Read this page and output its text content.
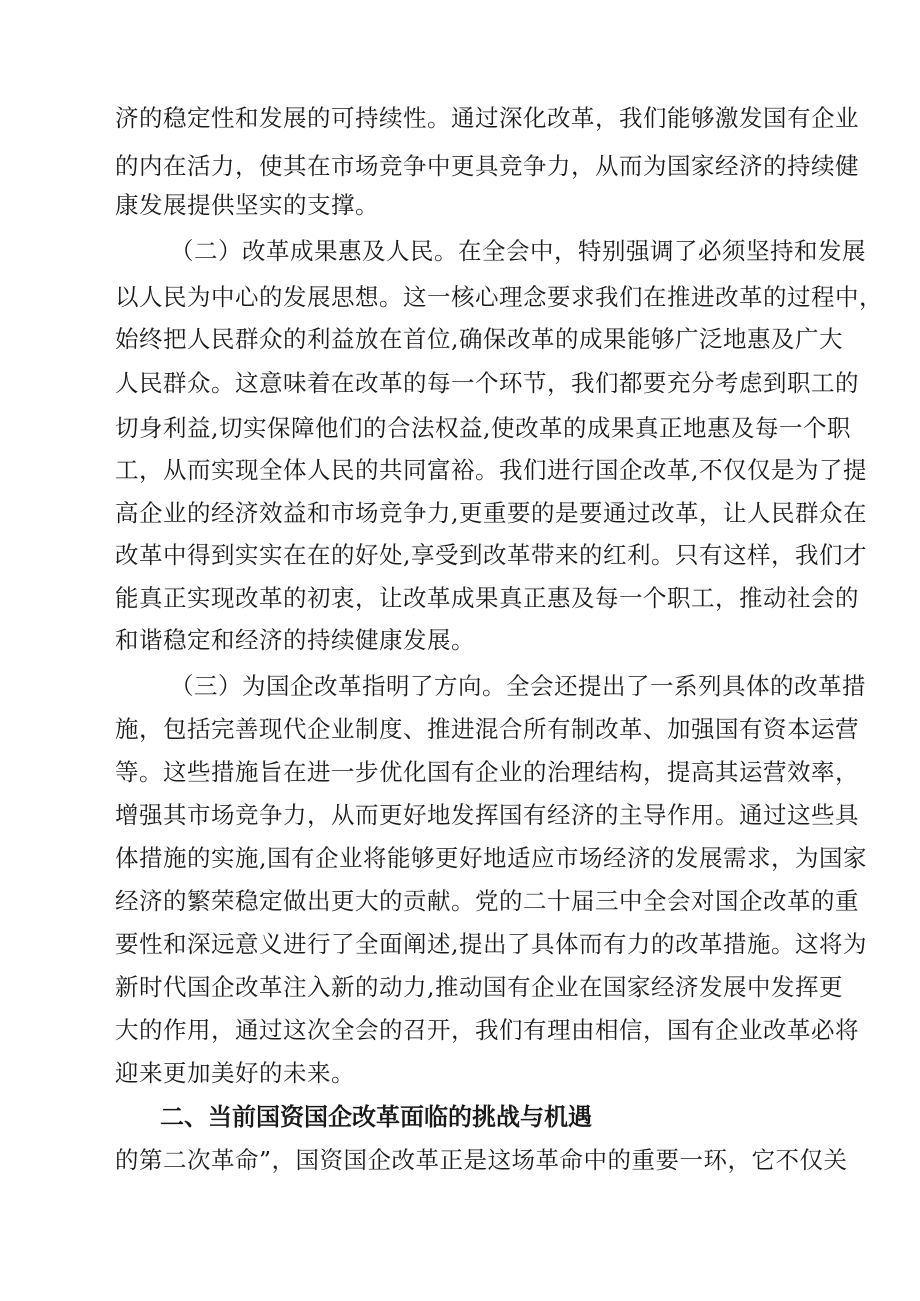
济的稳定性和发展的可持续性。通过深化改革，我们能够激发国有企业
的内在活力，使其在市场竞争中更具竞争力，从而为国家经济的持续健
康发展提供坚实的支撑。
（二）改革成果惠及人民。在全会中，特别强调了必须坚持和发展
以人民为中心的发展思想。这一核心理念要求我们在推进改革的过程中，
始终把人民群众的利益放在首位,确保改革的成果能够广泛地惠及广大
人民群众。这意味着在改革的每一个环节，我们都要充分考虑到职工的
切身利益,切实保障他们的合法权益,使改革的成果真正地惠及每一个职
工，从而实现全体人民的共同富裕。我们进行国企改革,不仅仅是为了提
高企业的经济效益和市场竞争力,更重要的是要通过改革，让人民群众在
改革中得到实实在在的好处,享受到改革带来的红利。只有这样，我们才
能真正实现改革的初衷，让改革成果真正惠及每一个职工，推动社会的
和谐稳定和经济的持续健康发展。
（三）为国企改革指明了方向。全会还提出了一系列具体的改革措
施，包括完善现代企业制度、推进混合所有制改革、加强国有资本运营
等。这些措施旨在进一步优化国有企业的治理结构，提高其运营效率，
增强其市场竞争力，从而更好地发挥国有经济的主导作用。通过这些具
体措施的实施,国有企业将能够更好地适应市场经济的发展需求，为国家
经济的繁荣稳定做出更大的贡献。党的二十届三中全会对国企改革的重
要性和深远意义进行了全面阐述,提出了具体而有力的改革措施。这将为
新时代国企改革注入新的动力,推动国有企业在国家经济发展中发挥更
大的作用，通过这次全会的召开，我们有理由相信，国有企业改革必将
迎来更加美好的未来。
二、当前国资国企改革面临的挑战与机遇
的第二次革命”，国资国企改革正是这场革命中的重要一环，它不仅关
